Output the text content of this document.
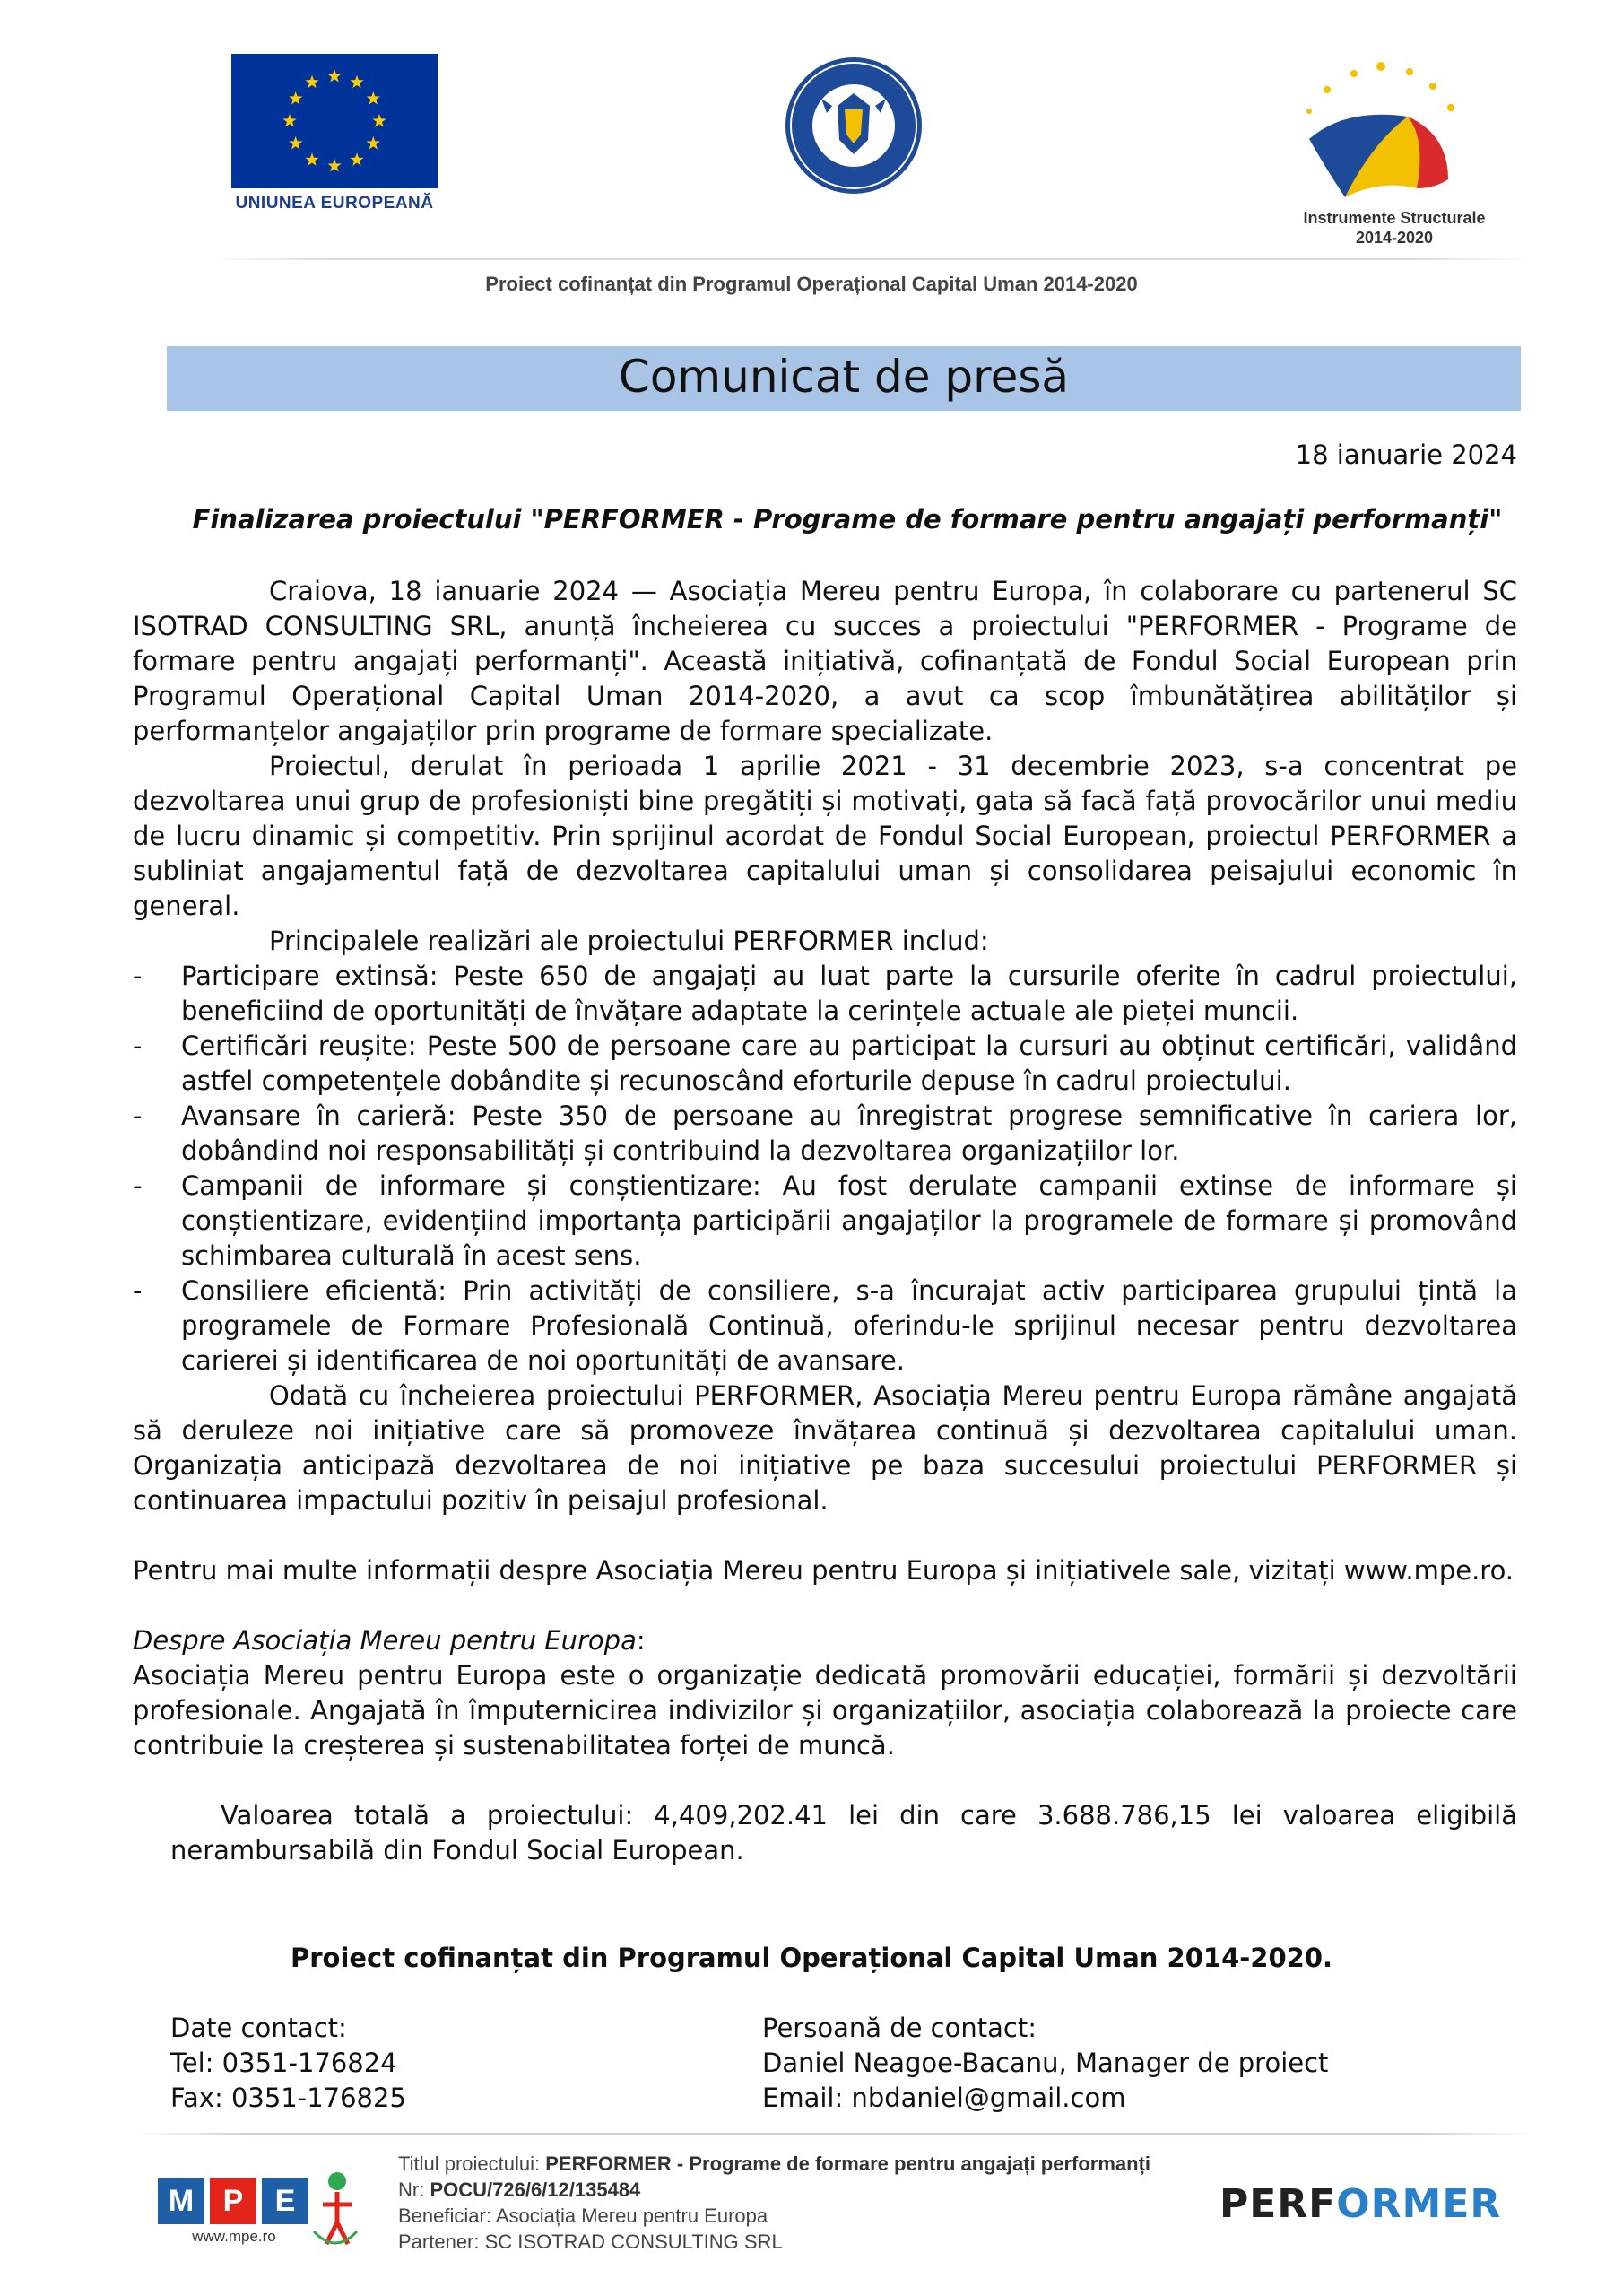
UNIUNEA EUROPEANĂ
Instrumente Structurale
2014-2020
Proiect cofinanțat din Programul Operațional Capital Uman 2014-2020
Comunicat de presă
18 ianuarie 2024
Finalizarea proiectului "PERFORMER - Programe de formare pentru angajați performanți"

Craiova, 18 ianuarie 2024 — Asociația Mereu pentru Europa, în colaborare cu partenerul SC ISOTRAD CONSULTING SRL, anunță încheierea cu succes a proiectului "PERFORMER - Programe de formare pentru angajați performanți". Această inițiativă, cofinanțată de Fondul Social European prin Programul Operațional Capital Uman 2014-2020, a avut ca scop îmbunătățirea abilităților și performanțelor angajaților prin programe de formare specializate.

Proiectul, derulat în perioada 1 aprilie 2021 - 31 decembrie 2023, s-a concentrat pe dezvoltarea unui grup de profesioniști bine pregătiți și motivați, gata să facă față provocărilor unui mediu de lucru dinamic și competitiv. Prin sprijinul acordat de Fondul Social European, proiectul PERFORMER a subliniat angajamentul față de dezvoltarea capitalului uman și consolidarea peisajului economic în general.

Principalele realizări ale proiectului PERFORMER includ:

- Participare extinsă: Peste 650 de angajați au luat parte la cursurile oferite în cadrul proiectului, beneficiind de oportunități de învățare adaptate la cerințele actuale ale pieței muncii.

- Certificări reușite: Peste 500 de persoane care au participat la cursuri au obținut certificări, validând astfel competențele dobândite și recunoscând eforturile depuse în cadrul proiectului.

- Avansare în carieră: Peste 350 de persoane au înregistrat progrese semnificative în cariera lor, dobândind noi responsabilități și contribuind la dezvoltarea organizațiilor lor.

- Campanii de informare și conștientizare: Au fost derulate campanii extinse de informare și conștientizare, evidențiind importanța participării angajaților la programele de formare și promovând schimbarea culturală în acest sens.

- Consiliere eficientă: Prin activități de consiliere, s-a încurajat activ participarea grupului țintă la programele de Formare Profesională Continuă, oferindu-le sprijinul necesar pentru dezvoltarea carierei și identificarea de noi oportunități de avansare.

Odată cu încheierea proiectului PERFORMER, Asociația Mereu pentru Europa rămâne angajată să deruleze noi inițiative care să promoveze învățarea continuă și dezvoltarea capitalului uman. Organizația anticipază dezvoltarea de noi inițiative pe baza succesului proiectului PERFORMER și continuarea impactului pozitiv în peisajul profesional.

Pentru mai multe informații despre Asociația Mereu pentru Europa și inițiativele sale, vizitați www.mpe.ro.

Despre Asociația Mereu pentru Europa:

Asociația Mereu pentru Europa este o organizație dedicată promovării educației, formării și dezvoltării profesionale. Angajată în împuternicirea indivizilor și organizațiilor, asociația colaborează la proiecte care contribuie la creșterea și sustenabilitatea forței de muncă.

Valoarea totală a proiectului: 4,409,202.41 lei din care 3.688.786,15 lei valoarea eligibilă nerambursabilă din Fondul Social European.

Proiect cofinanțat din Programul Operațional Capital Uman 2014-2020.
Date contact:
Tel: 0351-176824
Fax: 0351-176825
Persoană de contact:
Daniel Neagoe-Bacanu, Manager de proiect
Email: nbdaniel@gmail.com
M P	E
www.mpe.ro
Titlul proiectului: PERFORMER - Programe de formare pentru angajați performanți
Nr: POCU/726/6/12/135484
Beneficiar: Asociația Mereu pentru Europa
Partener: SC ISOTRAD CONSULTING SRL
PERFORMER
